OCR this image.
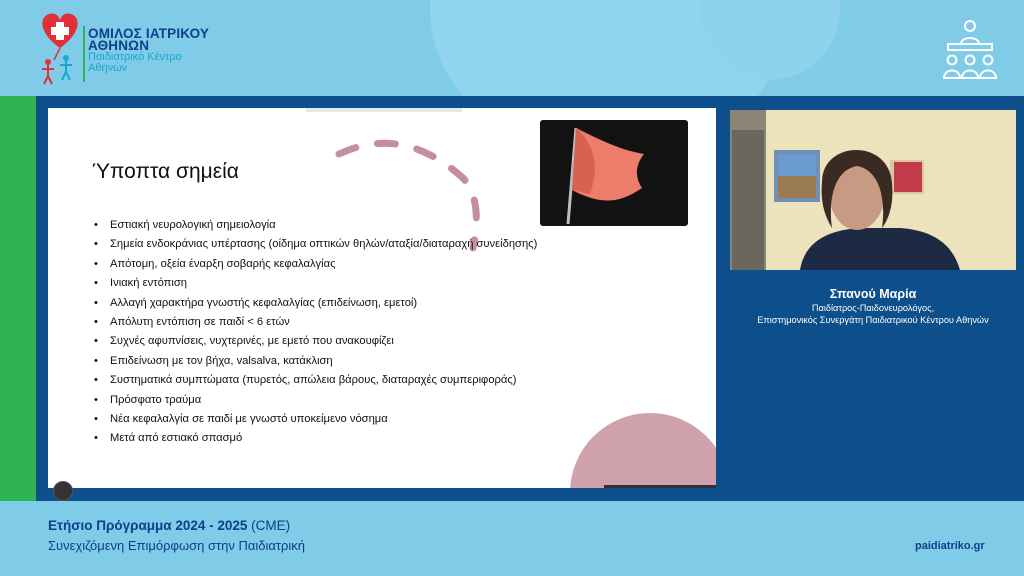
ΟΜΙΛΟΣ ΙΑΤΡΙΚΟΥ
ΑΘΗΝΩΝ
Παιδιατρικό Κέντρο
Αθηνών
Ύποπτα σημεία
• Εστιακή νευρολογική σημειολογία
• Σημεία ενδοκράνιας υπέρτασης (οίδημα οπτικών θηλών/αταξία/διαταραχή συνείδησης)
• Απότομη, οξεία έναρξη σοβαρής κεφαλαλγίας
• Ινιακή εντόπιση
• Αλλαγή χαρακτήρα γνωστής κεφαλαλγίας (επιδείνωση, εμετοί)
• Απόλυτη εντόπιση σε παιδί < 6 ετών
• Συχνές αφυπνίσεις, νυχτερινές, με εμετό που ανακουφίζει
• Επιδείνωση με τον βήχα, valsalva, κατάκλιση
• Συστηματικά συμπτώματα (πυρετός, απώλεια βάρους, διαταραχές συμπεριφοράς)
• Πρόσφατο τραύμα
• Νέα κεφαλαλγία σε παιδί με γνωστό υποκείμενο νόσημα
• Μετά από εστιακό σπασμό
Σπανού Μαρία
Παιδίατρος-Παιδονευρολόγος,
Επιστημονικός Συνεργάτη Παιδιατρικού Κέντρου Αθηνών
Ετήσιο Πρόγραμμα 2024 - 2025 (CME)
Συνεχιζόμενη Επιμόρφωση στην Παιδιατρική	paidiatriko.gr
